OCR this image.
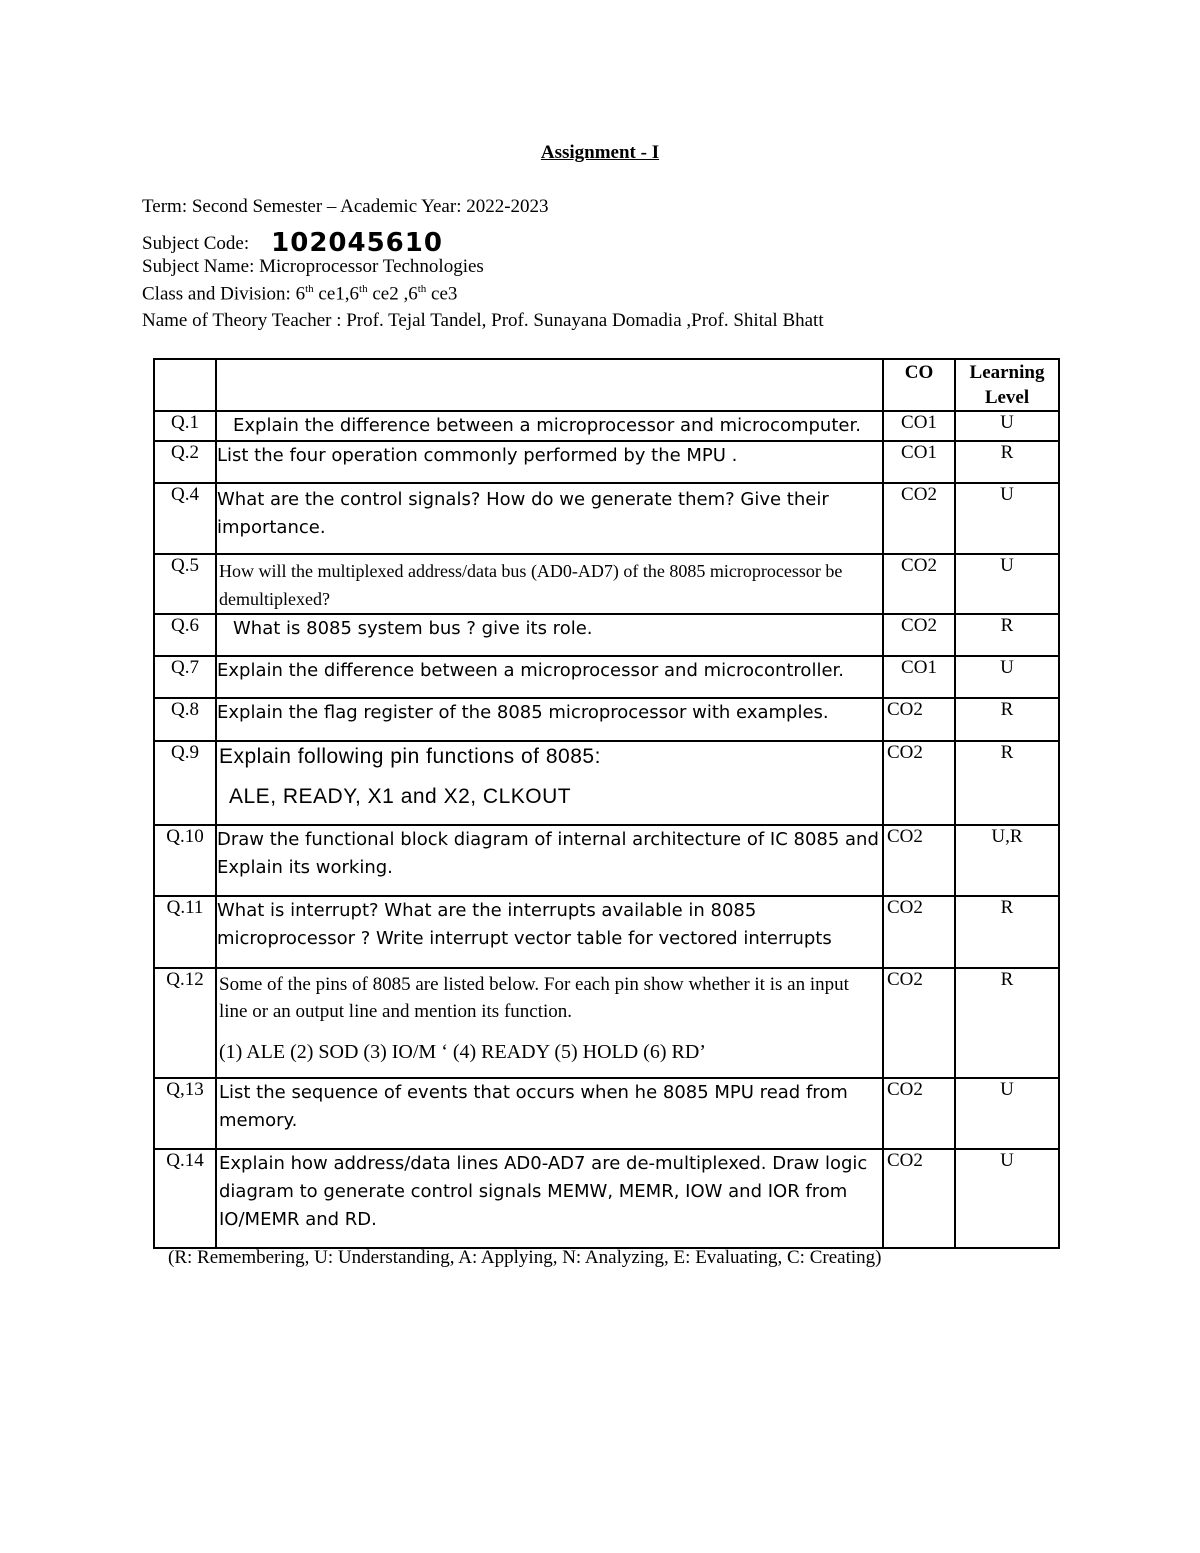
Assignment - I
Term: Second Semester – Academic Year: 2022-2023
Subject Code: 102045610
Subject Name: Microprocessor Technologies
Class and Division: 6th ce1,6th ce2 ,6th ce3
Name of Theory Teacher : Prof. Tejal Tandel, Prof. Sunayana Domadia ,Prof. Shital Bhatt
		CO	Learning
Level
Q.1	Explain the difference between a microprocessor and microcomputer.	CO1	U
Q.2	List the four operation commonly performed by the MPU .	CO1	R
Q.4	What are the control signals? How do we generate them? Give their importance.	CO2	U
Q.5	How will the multiplexed address/data bus (AD0-AD7) of the 8085 microprocessor be demultiplexed?	CO2	U
Q.6	What is 8085 system bus ? give its role.	CO2	R
Q.7	Explain the difference between a microprocessor and microcontroller.	CO1	U
Q.8	Explain the flag register of the 8085 microprocessor with examples.	CO2	R
Q.9	Explain following pin functions of 8085:
ALE, READY, X1 and X2, CLKOUT	CO2	R
Q.10	Draw the functional block diagram of internal architecture of IC 8085 and Explain its working.	CO2	U,R
Q.11	What is interrupt? What are the interrupts available in 8085 microprocessor ? Write interrupt vector table for vectored interrupts	CO2	R
Q.12	Some of the pins of 8085 are listed below. For each pin show whether it is an input line or an output line and mention its function.
(1) ALE (2) SOD (3) IO/M ‘ (4) READY (5) HOLD (6) RD’	CO2	R
Q,13	List the sequence of events that occurs when he 8085 MPU read from memory.	CO2	U
Q.14	Explain how address/data lines AD0-AD7 are de-multiplexed. Draw logic diagram to generate control signals MEMW, MEMR, IOW and IOR from IO/MEMR and RD.	CO2	U
(R: Remembering, U: Understanding, A: Applying, N: Analyzing, E: Evaluating, C: Creating)
